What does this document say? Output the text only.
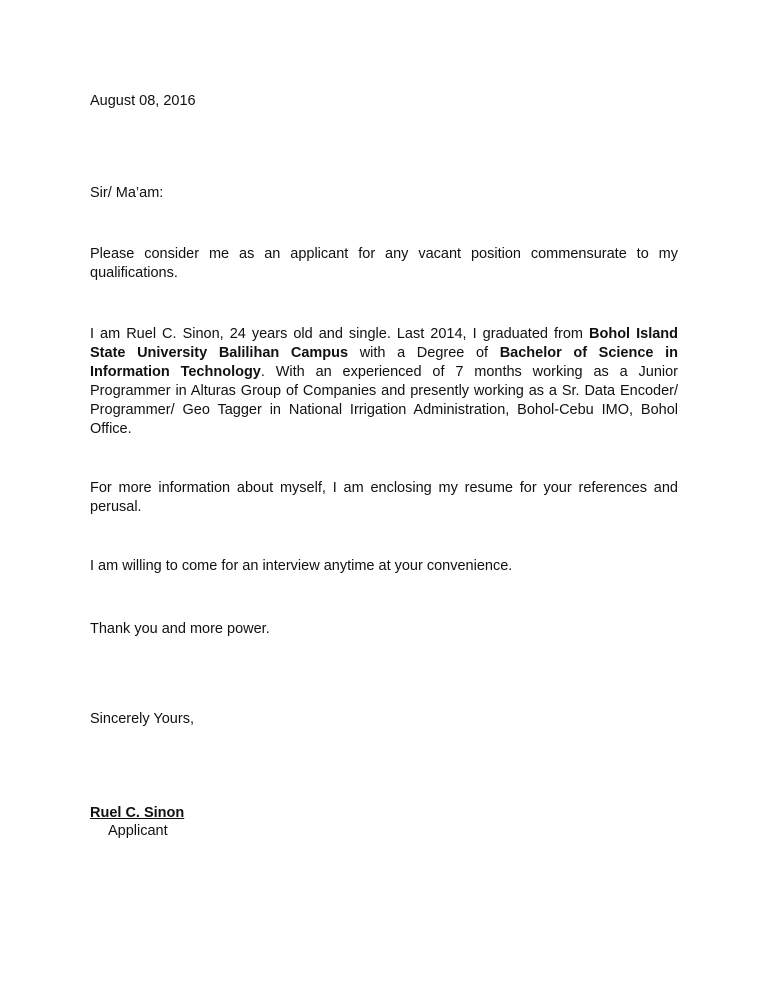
August 08, 2016
Sir/ Ma’am:
Please consider me as an applicant for any vacant position commensurate to my qualifications.
I am Ruel C. Sinon, 24 years old and single. Last 2014, I graduated from Bohol Island State University Balilihan Campus with a Degree of Bachelor of Science in Information Technology. With an experienced of 7 months working as a Junior Programmer in Alturas Group of Companies and presently working as a Sr. Data Encoder/ Programmer/ Geo Tagger in National Irrigation Administration, Bohol-Cebu IMO, Bohol Office.
For more information about myself, I am enclosing my resume for your references and perusal.
I am willing to come for an interview anytime at your convenience.
Thank you and more power.
Sincerely Yours,
Ruel C. Sinon
Applicant
